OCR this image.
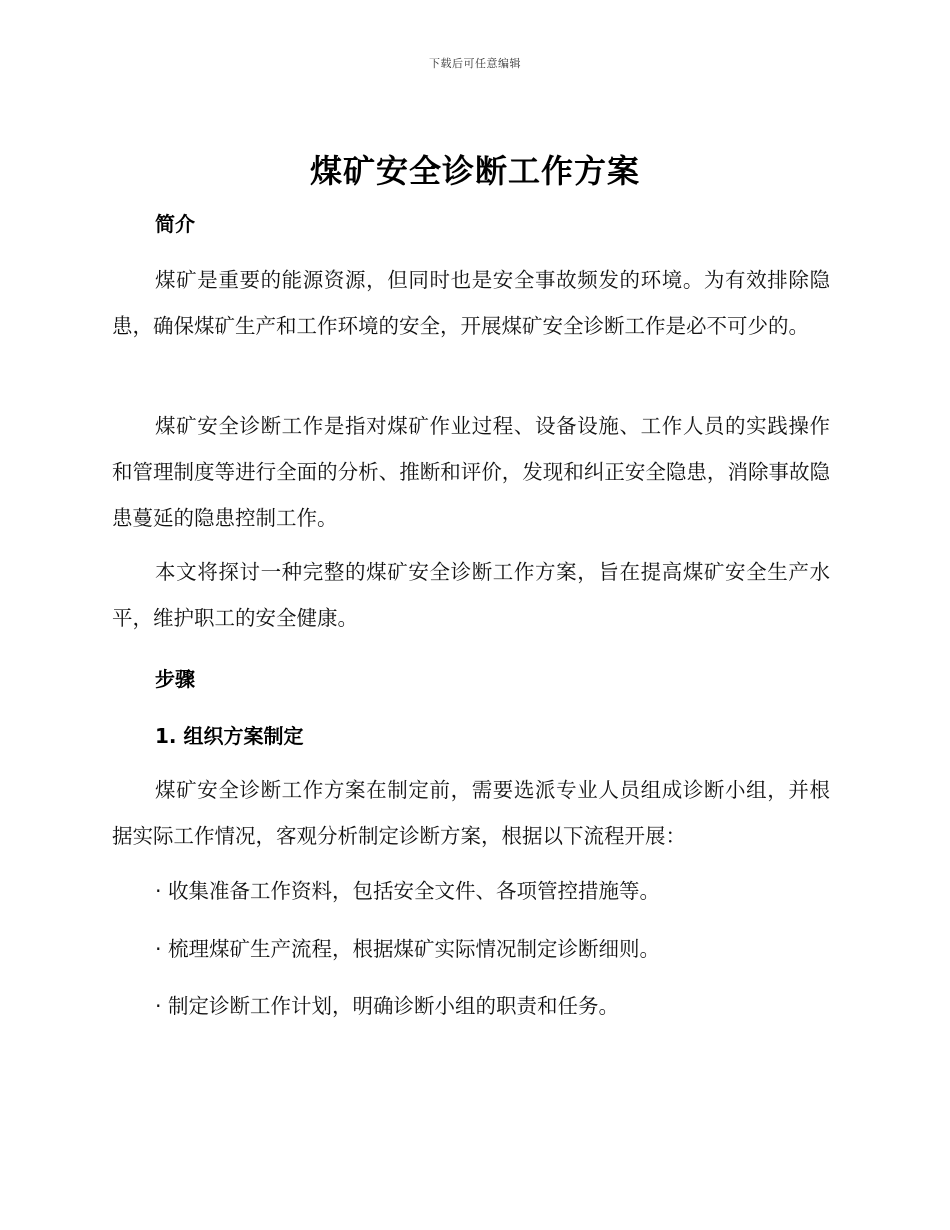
下载后可任意编辑
煤矿安全诊断工作方案
简介
煤矿是重要的能源资源，但同时也是安全事故频发的环境。为有效排除隐患，确保煤矿生产和工作环境的安全，开展煤矿安全诊断工作是必不可少的。
煤矿安全诊断工作是指对煤矿作业过程、设备设施、工作人员的实践操作和管理制度等进行全面的分析、推断和评价，发现和纠正安全隐患，消除事故隐患蔓延的隐患控制工作。
本文将探讨一种完整的煤矿安全诊断工作方案，旨在提高煤矿安全生产水平，维护职工的安全健康。
步骤
1. 组织方案制定
煤矿安全诊断工作方案在制定前，需要选派专业人员组成诊断小组，并根据实际工作情况，客观分析制定诊断方案，根据以下流程开展：
· 收集准备工作资料，包括安全文件、各项管控措施等。
· 梳理煤矿生产流程，根据煤矿实际情况制定诊断细则。
· 制定诊断工作计划，明确诊断小组的职责和任务。
